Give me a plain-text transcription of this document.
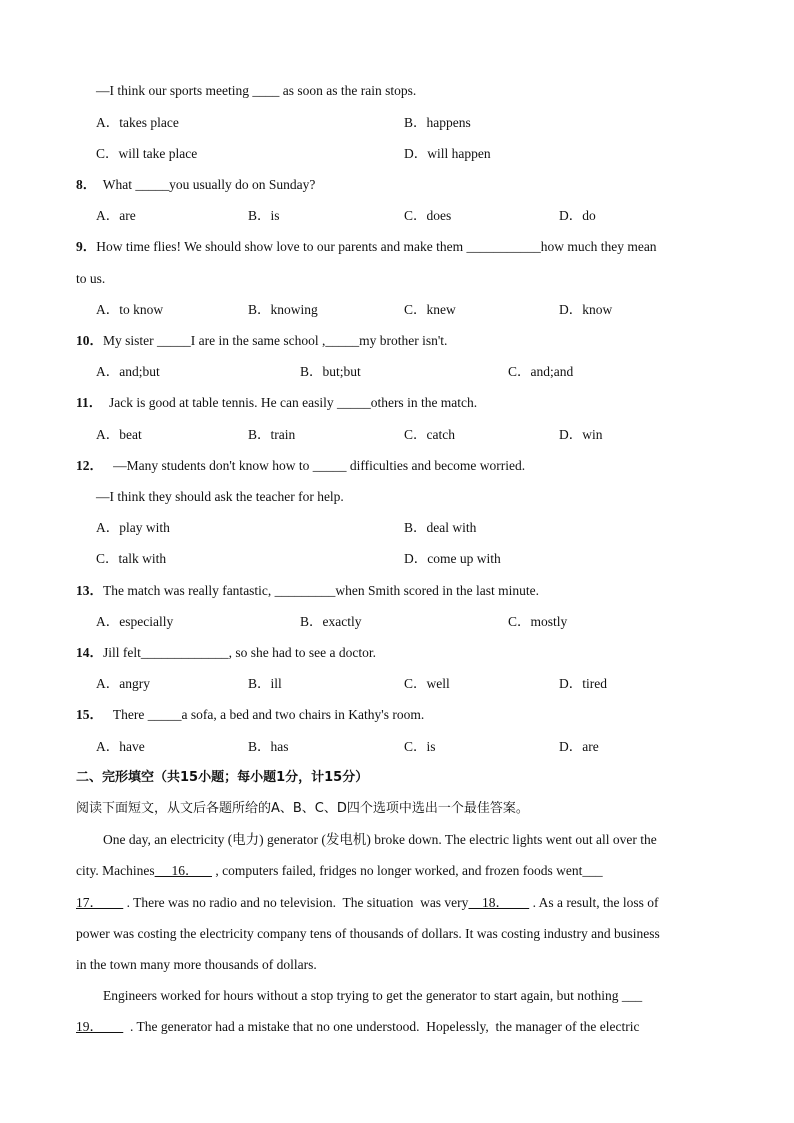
—I think our sports meeting ____ as soon as the rain stops.
A．takes place	B．happens
C．will take place	D．will happen
8． What _____you usually do on Sunday?
A．are	B．is	C．does	D．do
9．How time flies! We should show love to our parents and make them ___________how much they mean
to us.
A．to know	B．knowing	C．knew	D．know
10．My sister _____I are in the same school ,_____my brother isn't.
A．and;but	B．but;but	C．and;and
11． Jack is good at table tennis. He can easily _____others in the match.
A．beat	B．train	C．catch	D．win
12． —Many students don't know how to _____ difficulties and become worried.
—I think they should ask the teacher for help.
A．play with	B．deal with
C．talk with	D．come up with
13．The match was really fantastic, _________when Smith scored in the last minute.
A．especially	B．exactly	C．mostly
14．Jill felt_____________, so she had to see a doctor.
A．angry	B．ill	C．well	D．tired
15． There _____a sofa, a bed and two chairs in Kathy's room.
A．have	B．has	C．is	D．are
二、完形填空（共15小题；每小题1分，计15分）
阅读下面短文，从文后各题所给的A、B、C、D四个选项中选出一个最佳答案。
One day, an electricity (电力) generator (发电机) broke down. The electric lights went out all over the
city. Machines     16．     , computers failed, fridges no longer worked, and frozen foods went___
17．       . There was no radio and no television.  The situation  was very    18．       . As a result, the loss of
power was costing the electricity company tens of thousands of dollars. It was costing industry and business
in the town many more thousands of dollars.
Engineers worked for hours without a stop trying to get the generator to start again, but nothing ___
19．        . The generator had a mistake that no one understood.  Hopelessly,  the manager of the electric
